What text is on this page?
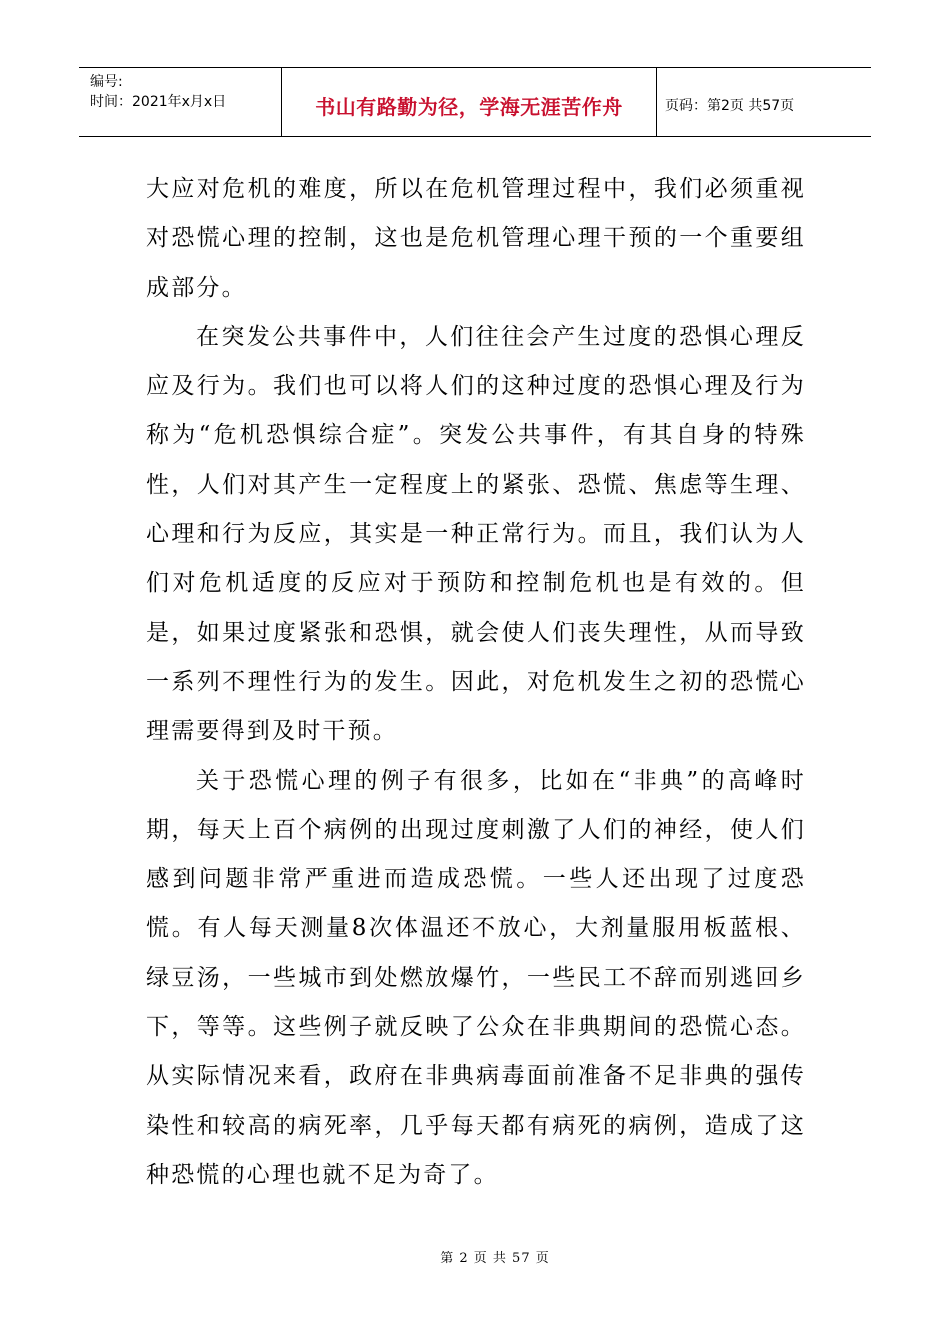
编号:
时间：2021年x月x日	书山有路勤为径，学海无涯苦作舟	页码：第2页 共57页

大应对危机的难度，所以在危机管理过程中，我们必须重视对恐慌心理的控制，这也是危机管理心理干预的一个重要组成部分。

在突发公共事件中，人们往往会产生过度的恐惧心理反应及行为。我们也可以将人们的这种过度的恐惧心理及行为称为“危机恐惧综合症”。突发公共事件，有其自身的特殊性，人们对其产生一定程度上的紧张、恐慌、焦虑等生理、心理和行为反应，其实是一种正常行为。而且，我们认为人们对危机适度的反应对于预防和控制危机也是有效的。但是，如果过度紧张和恐惧，就会使人们丧失理性，从而导致一系列不理性行为的发生。因此，对危机发生之初的恐慌心理需要得到及时干预。

关于恐慌心理的例子有很多，比如在“非典”的高峰时期，每天上百个病例的出现过度刺激了人们的神经，使人们感到问题非常严重进而造成恐慌。一些人还出现了过度恐慌。有人每天测量8次体温还不放心，大剂量服用板蓝根、绿豆汤，一些城市到处燃放爆竹，一些民工不辞而别逃回乡下，等等。这些例子就反映了公众在非典期间的恐慌心态。从实际情况来看，政府在非典病毒面前准备不足非典的强传染性和较高的病死率，几乎每天都有病死的病例，造成了这种恐慌的心理也就不足为奇了。

第 2 页 共 57 页
